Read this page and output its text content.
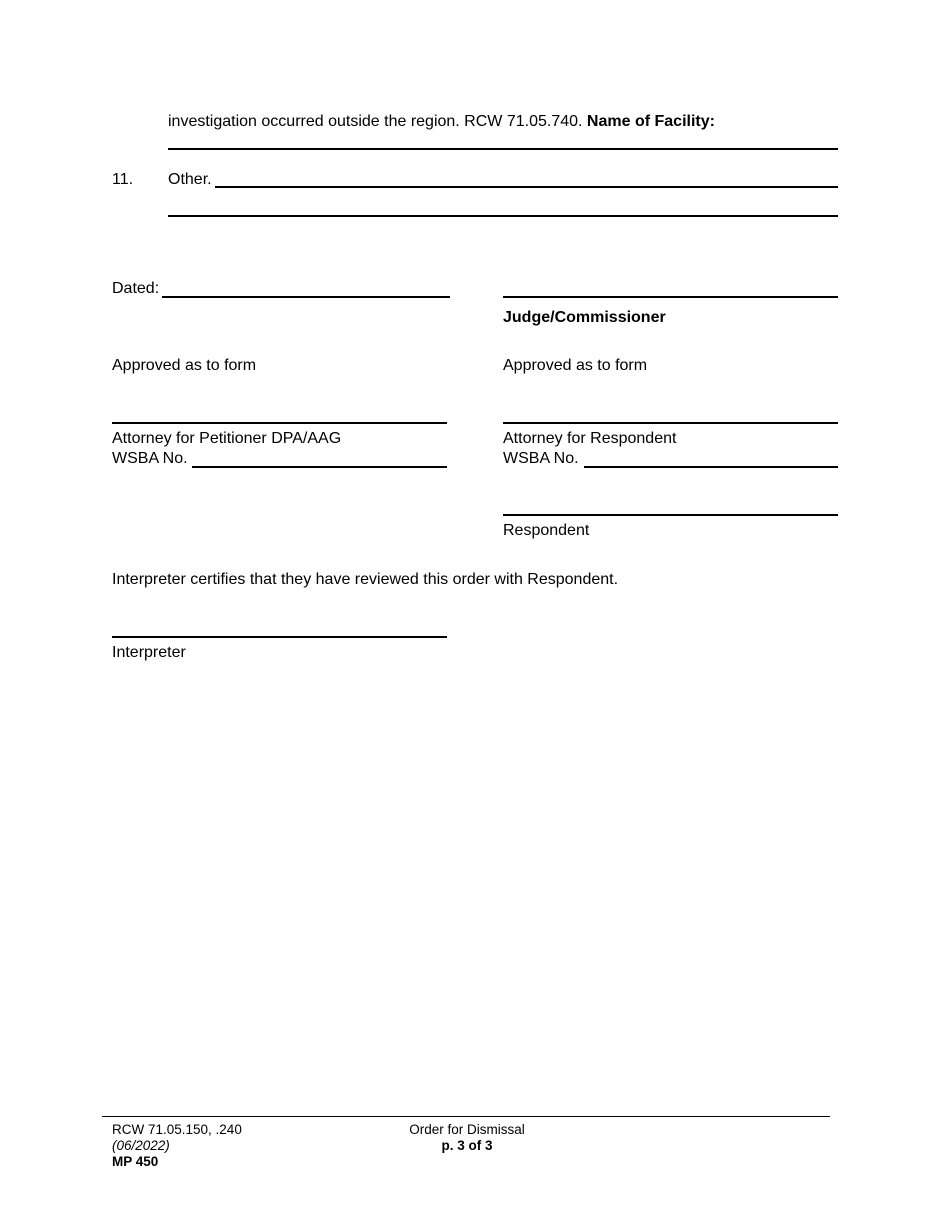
investigation occurred outside the region. RCW 71.05.740. Name of Facility:
11. Other.
Dated:
Judge/Commissioner
Approved as to form	Approved as to form
Attorney for Petitioner DPA/AAG	Attorney for Respondent
WSBA No.	WSBA No.
Respondent
Interpreter certifies that they have reviewed this order with Respondent.
Interpreter
RCW 71.05.150, .240
(06/2022)
MP 450
Order for Dismissal
p. 3 of 3
